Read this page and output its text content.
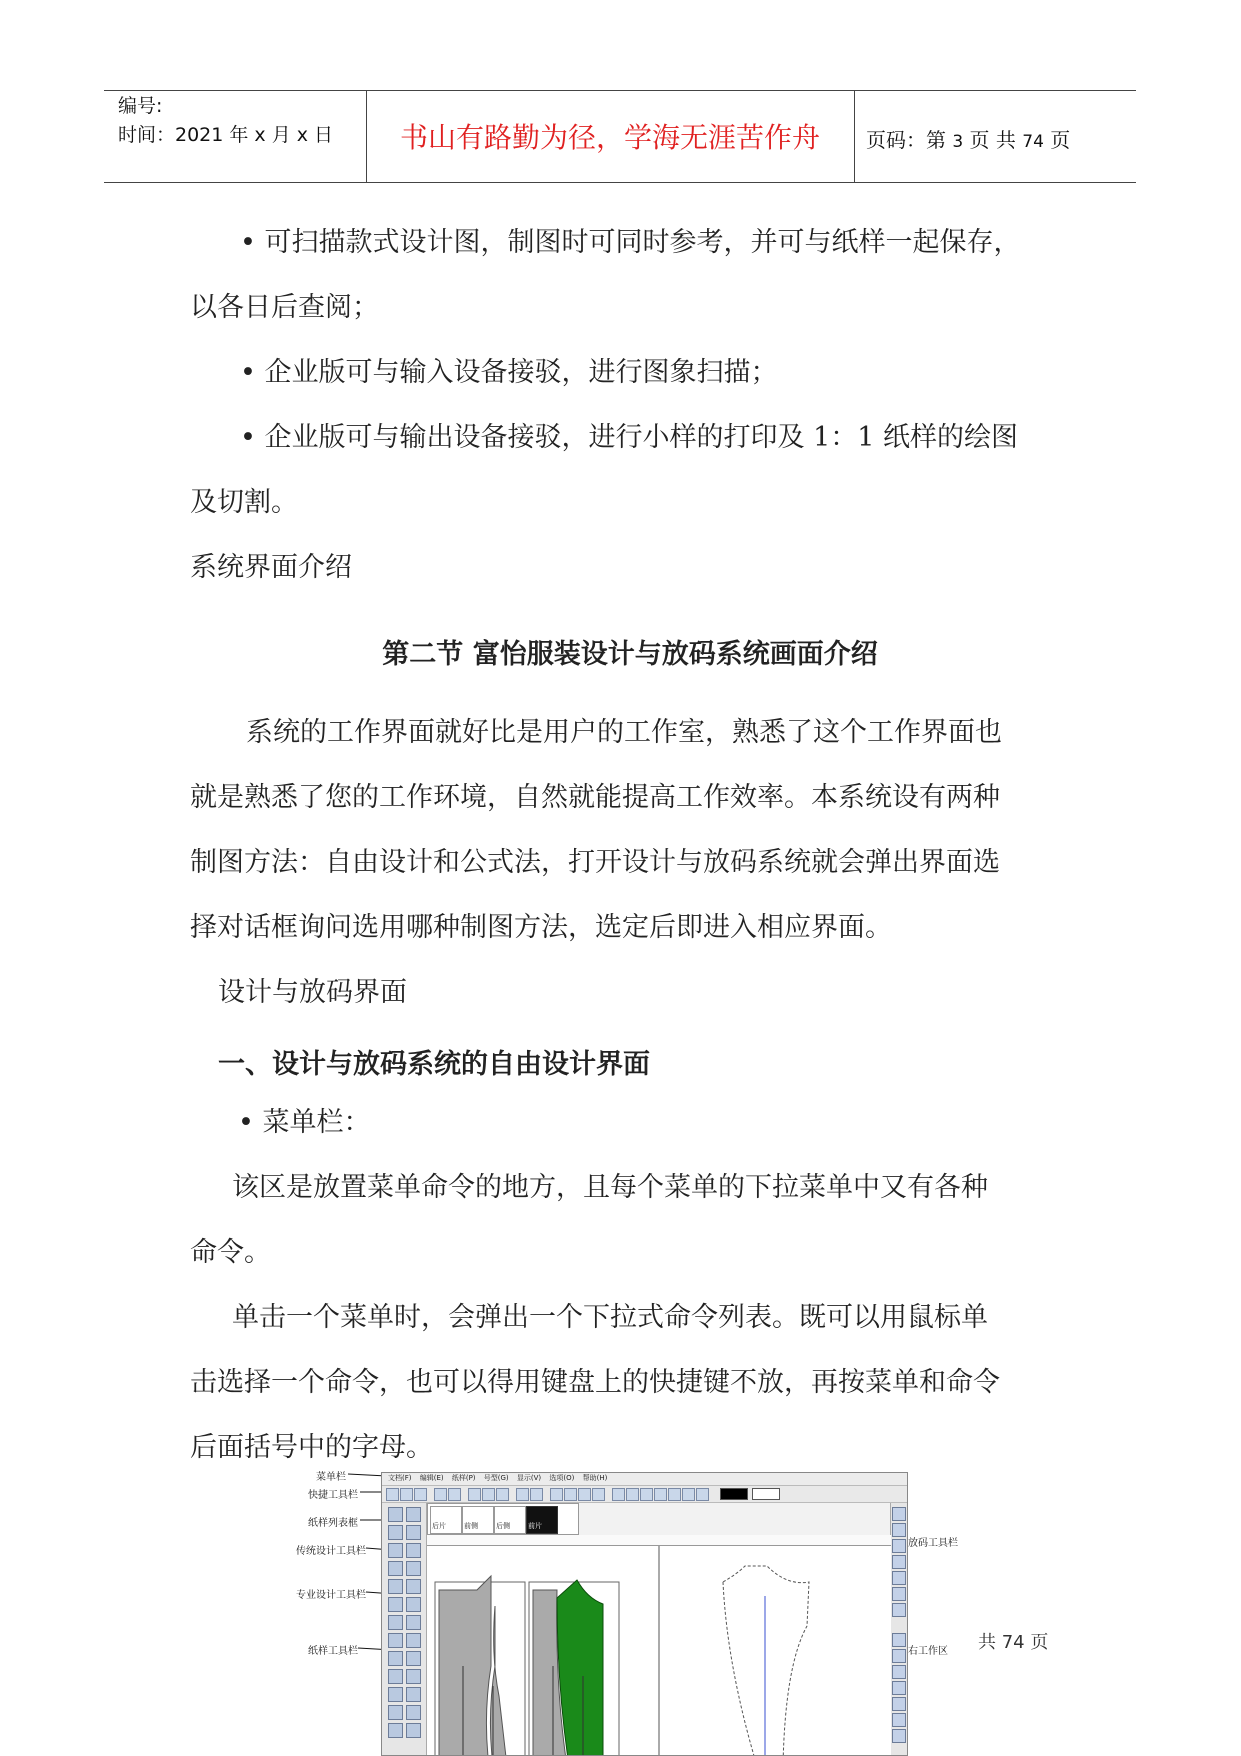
编号:
时间：2021 年 x 月 x 日	书山有路勤为径，学海无涯苦作舟	页码：第 3 页 共 74 页
• 可扫描款式设计图，制图时可同时参考，并可与纸样一起保存，
以各日后查阅；
• 企业版可与输入设备接驳，进行图象扫描；
• 企业版可与输出设备接驳，进行小样的打印及 1：1 纸样的绘图
及切割。
系统界面介绍
第二节 富怡服装设计与放码系统画面介绍
系统的工作界面就好比是用户的工作室，熟悉了这个工作界面也
就是熟悉了您的工作环境，自然就能提高工作效率。本系统设有两种
制图方法：自由设计和公式法，打开设计与放码系统就会弹出界面选
择对话框询问选用哪种制图方法，选定后即进入相应界面。
设计与放码界面
一、设计与放码系统的自由设计界面
• 菜单栏：
该区是放置菜单命令的地方，且每个菜单的下拉菜单中又有各种
命令。
单击一个菜单时，会弹出一个下拉式命令列表。既可以用鼠标单
击选择一个命令，也可以得用键盘上的快捷键不放，再按菜单和命令
后面括号中的字母。
菜单栏
快捷工具栏
纸样列表框
传统设计工具栏
专业设计工具栏
纸样工具栏
放码工具栏
右工作区
文档(F) 编辑(E) 纸样(P) 号型(G) 显示(V) 选项(O) 帮助(H)
后片	前侧	后侧	前片
共 74 页
